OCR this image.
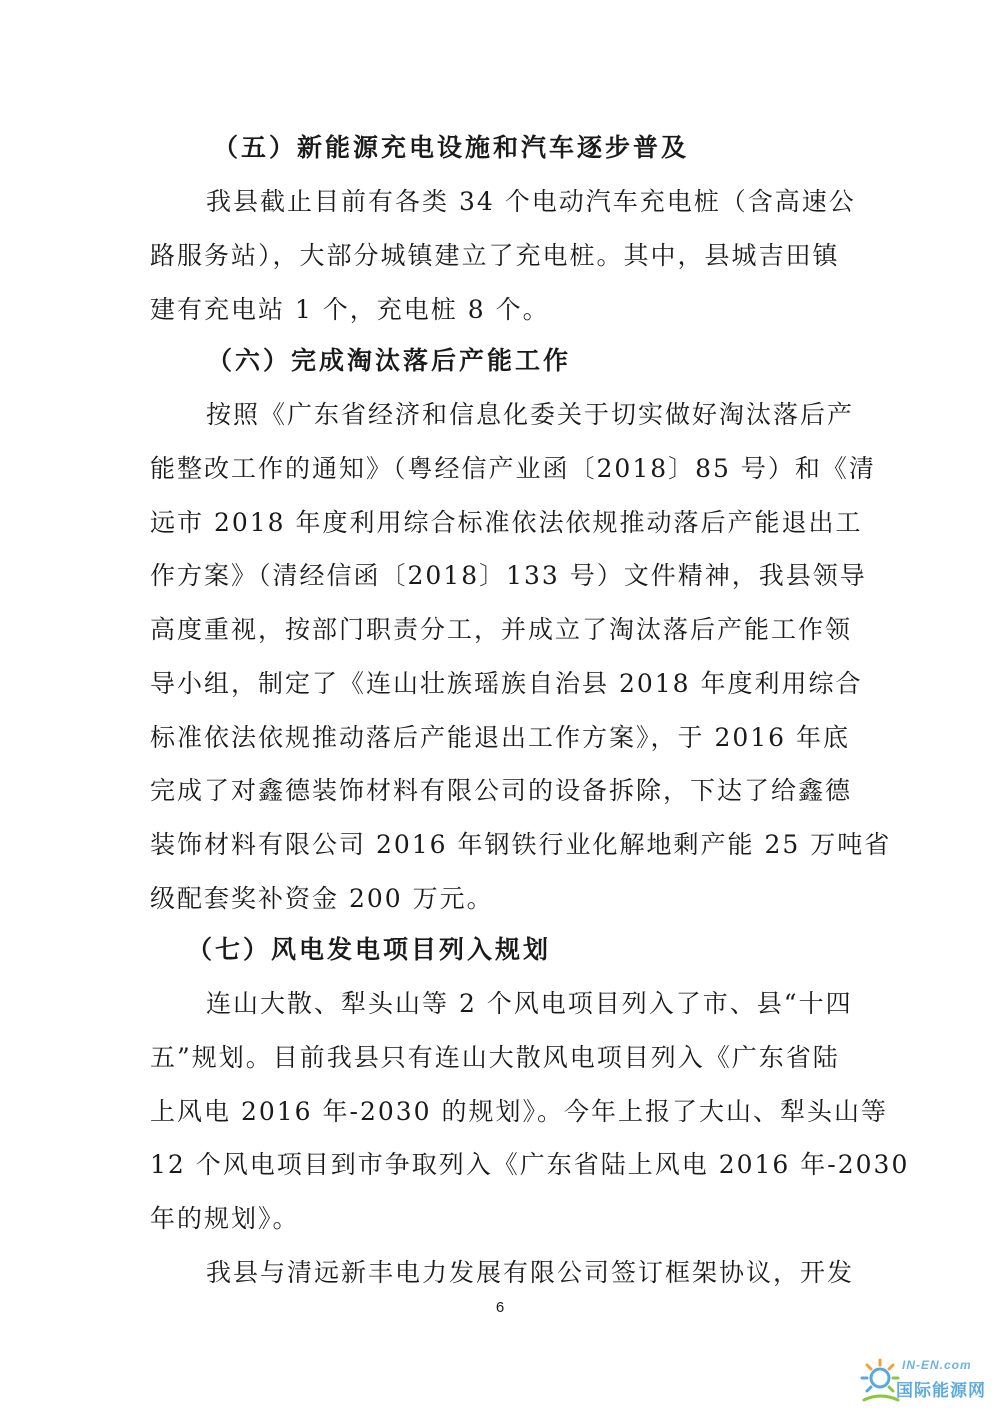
（五）新能源充电设施和汽车逐步普及
我县截止目前有各类 34 个电动汽车充电桩（含高速公
路服务站），大部分城镇建立了充电桩。其中，县城吉田镇
建有充电站 1 个，充电桩 8 个。
（六）完成淘汰落后产能工作
按照《广东省经济和信息化委关于切实做好淘汰落后产
能整改工作的通知》（粤经信产业函〔2018〕85 号）和《清
远市 2018 年度利用综合标准依法依规推动落后产能退出工
作方案》（清经信函〔2018〕133 号）文件精神，我县领导
高度重视，按部门职责分工，并成立了淘汰落后产能工作领
导小组，制定了《连山壮族瑶族自治县 2018 年度利用综合
标准依法依规推动落后产能退出工作方案》，于 2016 年底
完成了对鑫德装饰材料有限公司的设备拆除，下达了给鑫德
装饰材料有限公司 2016 年钢铁行业化解地剩产能 25 万吨省
级配套奖补资金 200 万元。
（七）风电发电项目列入规划
连山大散、犁头山等 2 个风电项目列入了市、县“十四
五”规划。目前我县只有连山大散风电项目列入《广东省陆
上风电 2016 年-2030 的规划》。今年上报了大山、犁头山等
12 个风电项目到市争取列入《广东省陆上风电 2016 年-2030
年的规划》。
我县与清远新丰电力发展有限公司签订框架协议，开发
6
IN-EN.com
国际能源网
